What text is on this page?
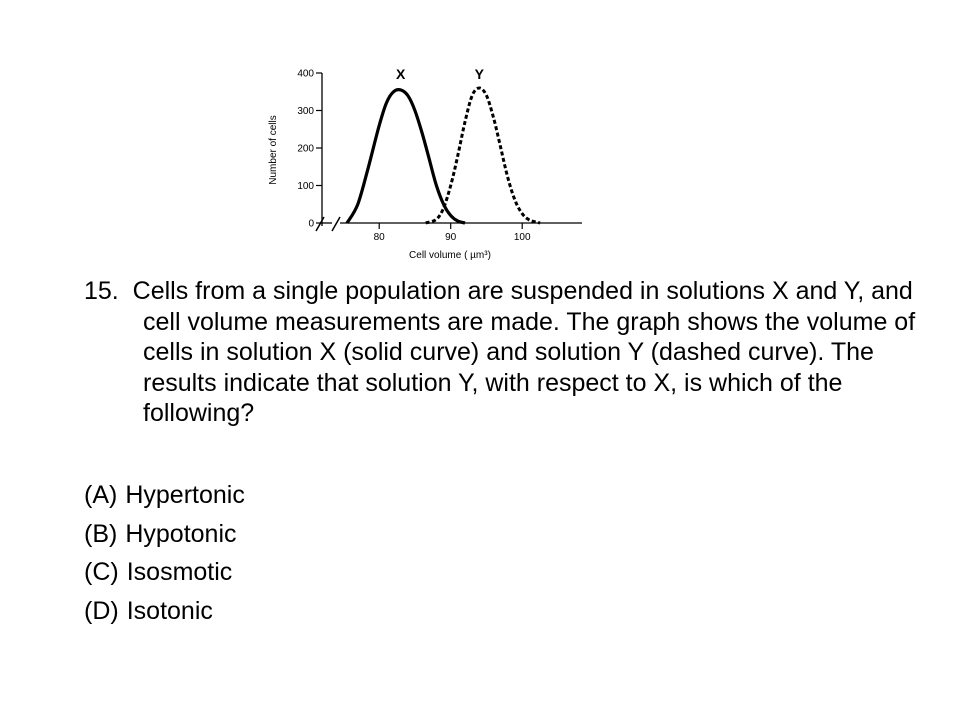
0
100
200
300
400
80	90	100
X	Y
Cell volume ( µm³)
Number of cells

15. Cells from a single population are suspended in solutions X and Y, and cell volume measurements are made. The graph shows the volume of cells in solution X (solid curve) and solution Y (dashed curve). The results indicate that solution Y, with respect to X, is which of the following?

(A) Hypertonic
(B) Hypotonic
(C) Isosmotic
(D) Isotonic
